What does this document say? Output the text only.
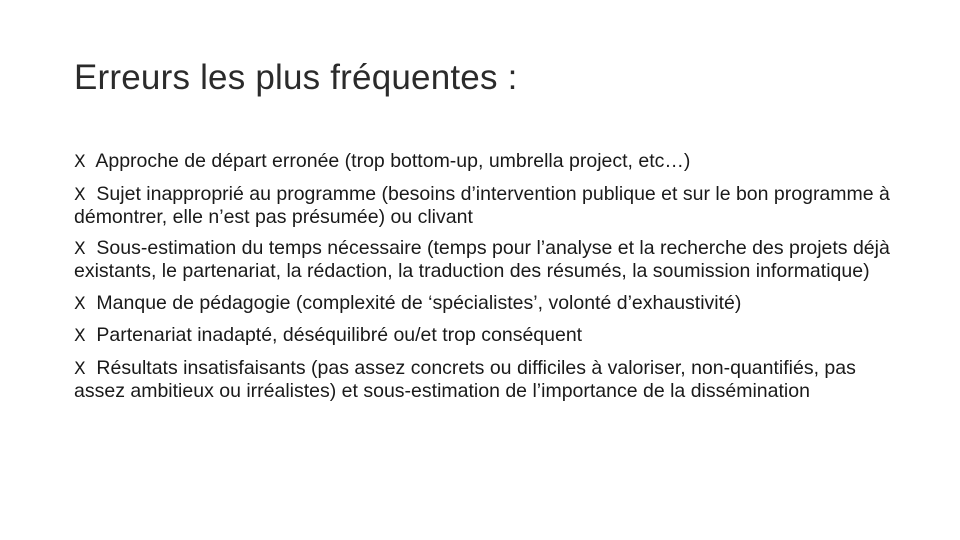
Erreurs les plus fréquentes :
Ⅹ Approche de départ erronée (trop bottom-up, umbrella project, etc…)
Ⅹ Sujet inapproprié au programme (besoins d’intervention publique et sur le bon programme à démontrer, elle n’est pas présumée) ou clivant
Ⅹ Sous-estimation du temps nécessaire (temps pour l’analyse et la recherche des projets déjà existants, le partenariat, la rédaction, la traduction des résumés, la soumission informatique)
Ⅹ Manque de pédagogie (complexité de ‘spécialistes’, volonté d’exhaustivité)
Ⅹ Partenariat inadapté, déséquilibré ou/et trop conséquent
Ⅹ Résultats insatisfaisants (pas assez concrets ou difficiles à valoriser, non-quantifiés, pas assez ambitieux ou irréalistes) et sous-estimation de l’importance de la dissémination
